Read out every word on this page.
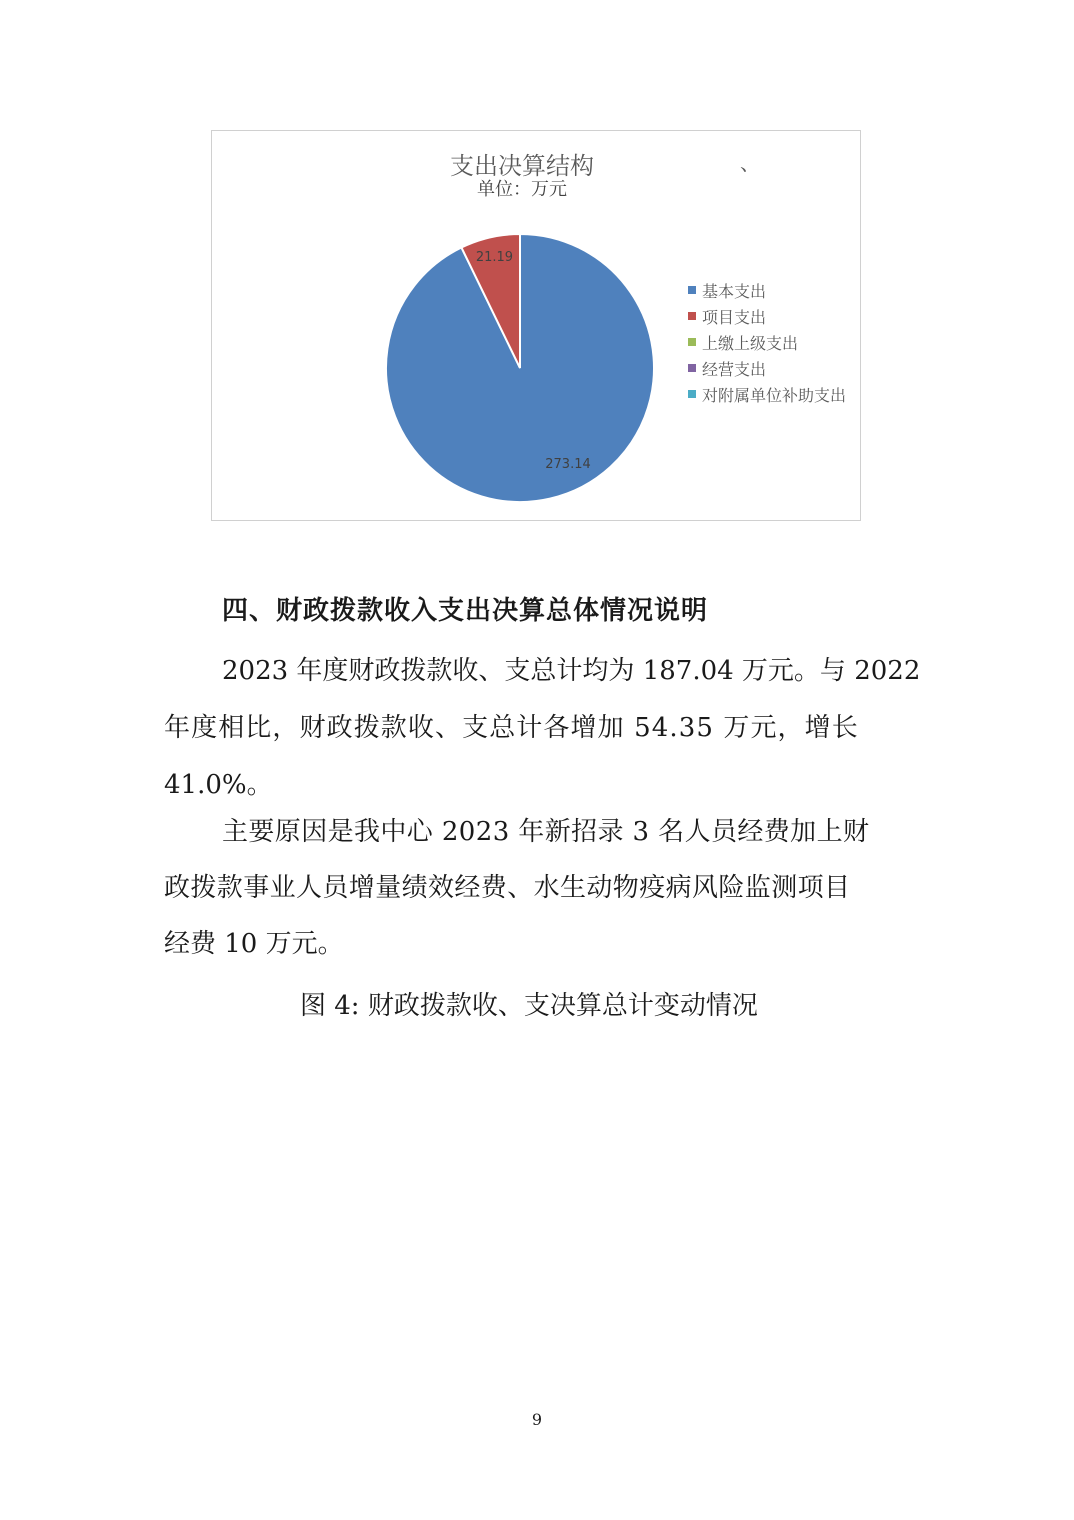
支出决算结构	、
单位：万元
273.14
21.19
基本支出
项目支出
上缴上级支出
经营支出
对附属单位补助支出
四、财政拨款收入支出决算总体情况说明
2023 年度财政拨款收、支总计均为 187.04 万元。与 2022
年度相比，财政拨款收、支总计各增加 54.35 万元，增长
41.0%。
主要原因是我中心 2023 年新招录 3 名人员经费加上财
政拨款事业人员增量绩效经费、水生动物疫病风险监测项目
经费 10 万元。
图 4: 财政拨款收、支决算总计变动情况
9
